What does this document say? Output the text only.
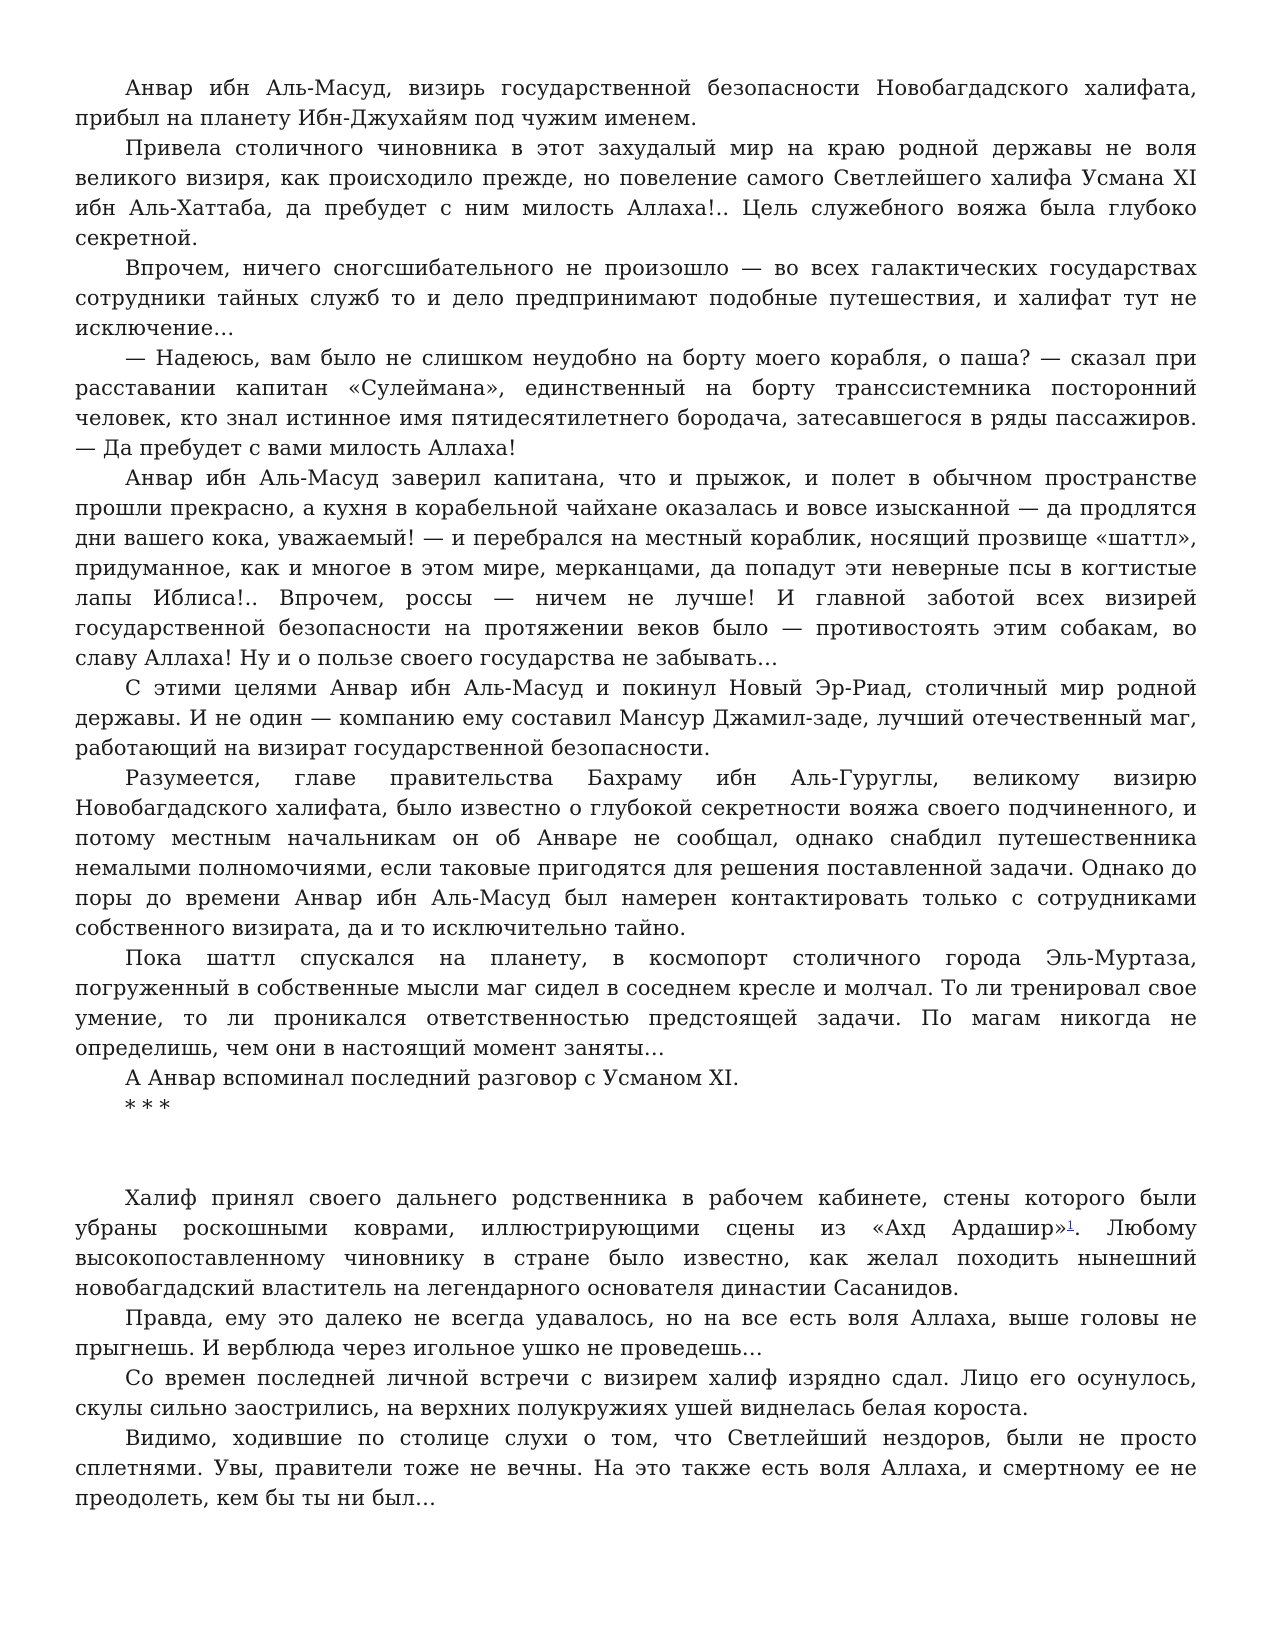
Анвар ибн Аль-Масуд, визирь государственной безопасности Новобагдадского халифата, прибыл на планету Ибн-Джухайям под чужим именем.

Привела столичного чиновника в этот захудалый мир на краю родной державы не воля великого визиря, как происходило прежде, но повеление самого Светлейшего халифа Усмана XI ибн Аль-Хаттаба, да пребудет с ним милость Аллаха!.. Цель служебного вояжа была глубоко секретной.

Впрочем, ничего сногсшибательного не произошло — во всех галактических государствах сотрудники тайных служб то и дело предпринимают подобные путешествия, и халифат тут не исключение…

— Надеюсь, вам было не слишком неудобно на борту моего корабля, о паша? — сказал при расставании капитан «Сулеймана», единственный на борту транссистемника посторонний человек, кто знал истинное имя пятидесятилетнего бородача, затесавшегося в ряды пассажиров. — Да пребудет с вами милость Аллаха!

Анвар ибн Аль-Масуд заверил капитана, что и прыжок, и полет в обычном пространстве прошли прекрасно, а кухня в корабельной чайхане оказалась и вовсе изысканной — да продлятся дни вашего кока, уважаемый! — и перебрался на местный кораблик, носящий прозвище «шаттл», придуманное, как и многое в этом мире, мерканцами, да попадут эти неверные псы в когтистые лапы Иблиса!.. Впрочем, россы — ничем не лучше! И главной заботой всех визирей государственной безопасности на протяжении веков было — противостоять этим собакам, во славу Аллаха! Ну и о пользе своего государства не забывать…

С этими целями Анвар ибн Аль-Масуд и покинул Новый Эр-Риад, столичный мир родной державы. И не один — компанию ему составил Мансур Джамил-заде, лучший отечественный маг, работающий на визират государственной безопасности.

Разумеется, главе правительства Бахраму ибн Аль-Гуруглы, великому визирю Новобагдадского халифата, было известно о глубокой секретности вояжа своего подчиненного, и потому местным начальникам он об Анваре не сообщал, однако снабдил путешественника немалыми полномочиями, если таковые пригодятся для решения поставленной задачи. Однако до поры до времени Анвар ибн Аль-Масуд был намерен контактировать только с сотрудниками собственного визирата, да и то исключительно тайно.

Пока шаттл спускался на планету, в космопорт столичного города Эль-Муртаза, погруженный в собственные мысли маг сидел в соседнем кресле и молчал. То ли тренировал свое умение, то ли проникался ответственностью предстоящей задачи. По магам никогда не определишь, чем они в настоящий момент заняты…

А Анвар вспоминал последний разговор с Усманом XI.

* * *

Халиф принял своего дальнего родственника в рабочем кабинете, стены которого были убраны роскошными коврами, иллюстрирующими сцены из «Ахд Ардашир»$^1$. Любому высокопоставленному чиновнику в стране было известно, как желал походить нынешний новобагдадский властитель на легендарного основателя династии Сасанидов.

Правда, ему это далеко не всегда удавалось, но на все есть воля Аллаха, выше головы не прыгнешь. И верблюда через игольное ушко не проведешь…

Со времен последней личной встречи с визирем халиф изрядно сдал. Лицо его осунулось, скулы сильно заострились, на верхних полукружиях ушей виднелась белая короста.

Видимо, ходившие по столице слухи о том, что Светлейший нездоров, были не просто сплетнями. Увы, правители тоже не вечны. На это также есть воля Аллаха, и смертному ее не преодолеть, кем бы ты ни был…
